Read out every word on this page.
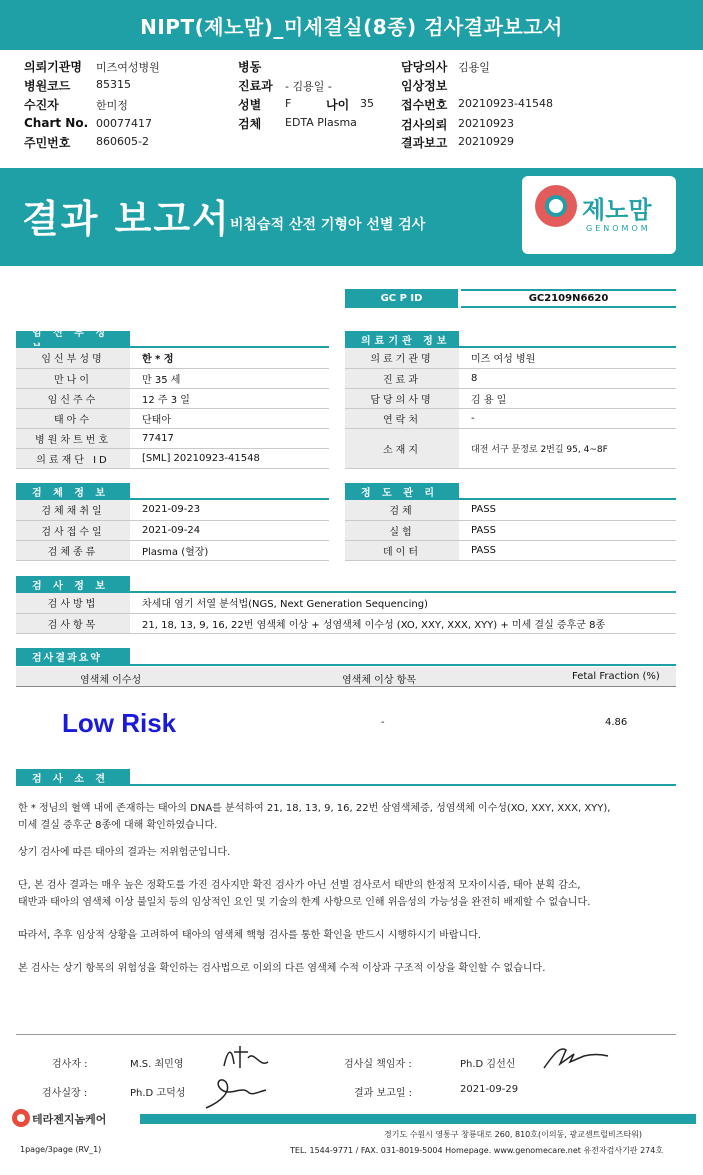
NIPT(제노맘)_미세결실(8종) 검사결과보고서
의뢰기관명 미즈여성병원
병원코드 85315
수진자	한미정
Chart No. 00077417
주민번호 860605-2
병동
진료과 - 김용일 -
성별 F	나이 35
검체 EDTA Plasma
담당의사 김용일
임상정보
접수번호 20210923-41548
검사의뢰 20210923
결과보고 20210929
결과 보고서 비침습적 산전 기형아 선별 검사
제노맘
GENOMOM
GC P ID	GC2109N6620
임 신 부 정
임신부성명	한 * 정
만나이	만 35 세
임신주수	12 주 3 일
태아수	단태아
병원차트번호	77417
의료재단 ID	[SML] 20210923-41548
의료기관 정보
의료기관명	미즈 여성 병원
진료과	8
담당의사명	김 용 일
연락처	-
소재지	대전 서구 문정로 2번길 95, 4~8F
검 체 정 보
검체채취일	2021-09-23
검사접수일	2021-09-24
검체종류	Plasma (혈장)
정 도 관 리
검체	PASS
실험	PASS
데이터	PASS
검 사 정 보
검사방법	차세대 염기 서열 분석법(NGS, Next Generation Sequencing)
검사항목	21, 18, 13, 9, 16, 22번 염색체 이상 + 성염색체 이수성 (XO, XXY, XXX, XYY) + 미세 결실 증후군 8종
검사결과요약
염색체 이수성	염색체 이상 항목	Fetal Fraction (%)
Low Risk	-	4.86
검 사 소 견
한 * 정님의 혈액 내에 존재하는 태아의 DNA를 분석하여 21, 18, 13, 9, 16, 22번 삼염색체증, 성염색체 이수성(XO, XXY, XXX, XYY),
미세 결실 증후군 8종에 대해 확인하였습니다.
상기 검사에 따른 태아의 결과는 저위험군입니다.
단, 본 검사 결과는 매우 높은 정확도를 가진 검사지만 확진 검사가 아닌 선별 검사로서 태반의 한정적 모자이시즘, 태아 분획 감소,
태반과 태아의 염색체 이상 불일치 등의 임상적인 요인 및 기술의 한계 사항으로 인해 위음성의 가능성을 완전히 배제할 수 없습니다.
따라서, 추후 임상적 상황을 고려하여 태아의 염색체 핵형 검사를 통한 확인을 반드시 시행하시기 바랍니다.
본 검사는 상기 항목의 위험성을 확인하는 검사법으로 이외의 다른 염색체 수적 이상과 구조적 이상을 확인할 수 없습니다.
검사자 :	M.S. 최민영	검사실 책임자 :	Ph.D 김선신
검사실장 :	Ph.D 고덕성	결과 보고일 :	2021-09-29
테라젠지놈케어
경기도 수원시 영통구 창룡대로 260, 810호(이의동, 광교센트럴비즈타워)
1page/3page (RV_1)	TEL. 1544-9771 / FAX. 031-8019-5004 Homepage. www.genomecare.net 유전자검사기관 274호
